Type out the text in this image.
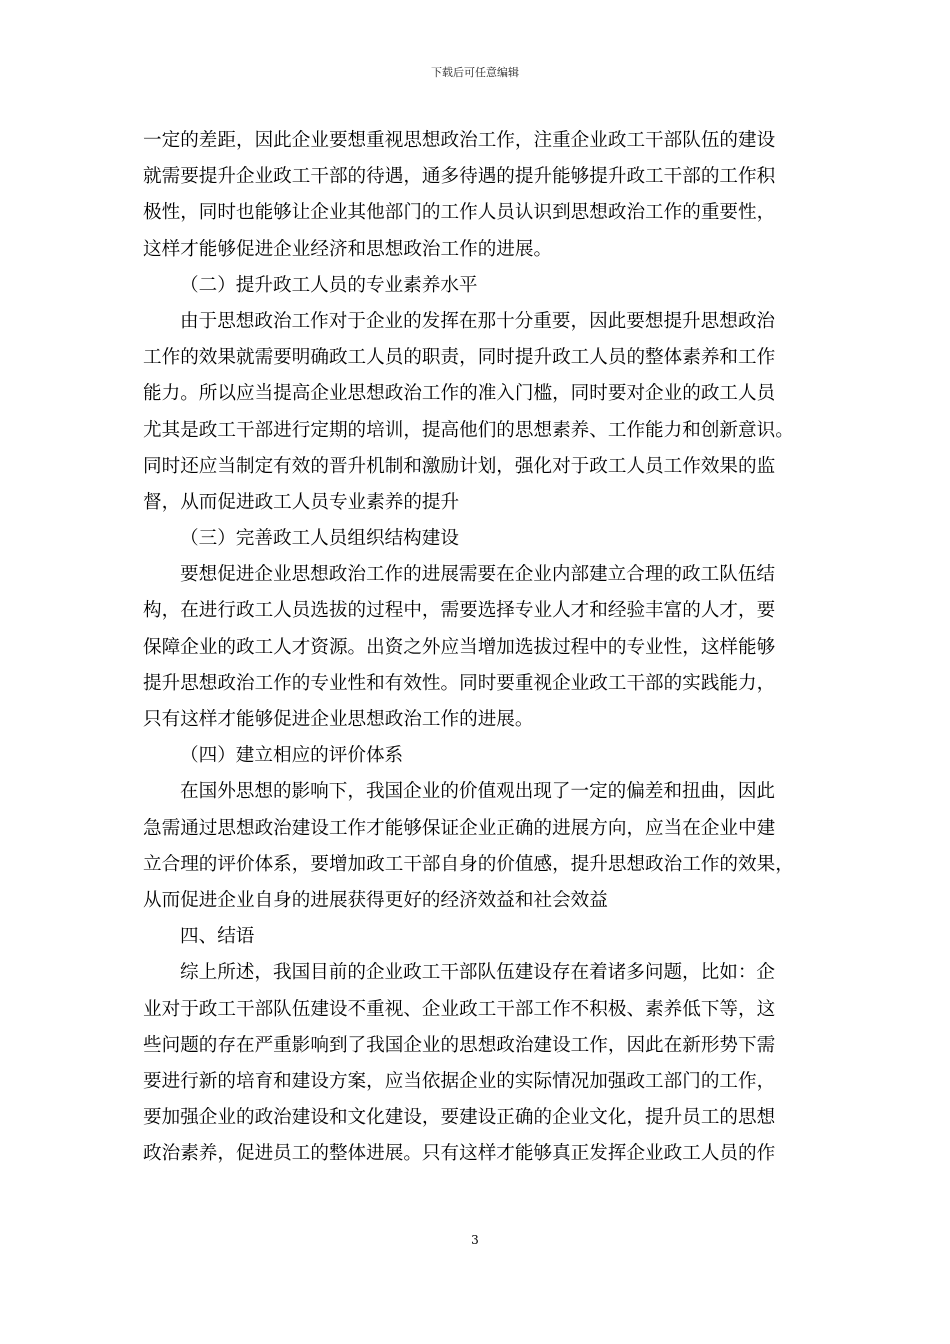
下载后可任意编辑
一定的差距，因此企业要想重视思想政治工作，注重企业政工干部队伍的建设
就需要提升企业政工干部的待遇，通多待遇的提升能够提升政工干部的工作积
极性，同时也能够让企业其他部门的工作人员认识到思想政治工作的重要性，
这样才能够促进企业经济和思想政治工作的进展。
（二）提升政工人员的专业素养水平
由于思想政治工作对于企业的发挥在那十分重要，因此要想提升思想政治
工作的效果就需要明确政工人员的职责，同时提升政工人员的整体素养和工作
能力。所以应当提高企业思想政治工作的准入门槛，同时要对企业的政工人员
尤其是政工干部进行定期的培训，提高他们的思想素养、工作能力和创新意识。
同时还应当制定有效的晋升机制和激励计划，强化对于政工人员工作效果的监
督，从而促进政工人员专业素养的提升
（三）完善政工人员组织结构建设
要想促进企业思想政治工作的进展需要在企业内部建立合理的政工队伍结
构，在进行政工人员选拔的过程中，需要选择专业人才和经验丰富的人才，要
保障企业的政工人才资源。出资之外应当增加选拔过程中的专业性，这样能够
提升思想政治工作的专业性和有效性。同时要重视企业政工干部的实践能力，
只有这样才能够促进企业思想政治工作的进展。
（四）建立相应的评价体系
在国外思想的影响下，我国企业的价值观出现了一定的偏差和扭曲，因此
急需通过思想政治建设工作才能够保证企业正确的进展方向，应当在企业中建
立合理的评价体系，要增加政工干部自身的价值感，提升思想政治工作的效果，
从而促进企业自身的进展获得更好的经济效益和社会效益
四、结语
综上所述，我国目前的企业政工干部队伍建设存在着诸多问题，比如：企
业对于政工干部队伍建设不重视、企业政工干部工作不积极、素养低下等，这
些问题的存在严重影响到了我国企业的思想政治建设工作，因此在新形势下需
要进行新的培育和建设方案，应当依据企业的实际情况加强政工部门的工作，
要加强企业的政治建设和文化建设，要建设正确的企业文化，提升员工的思想
政治素养，促进员工的整体进展。只有这样才能够真正发挥企业政工人员的作
3
